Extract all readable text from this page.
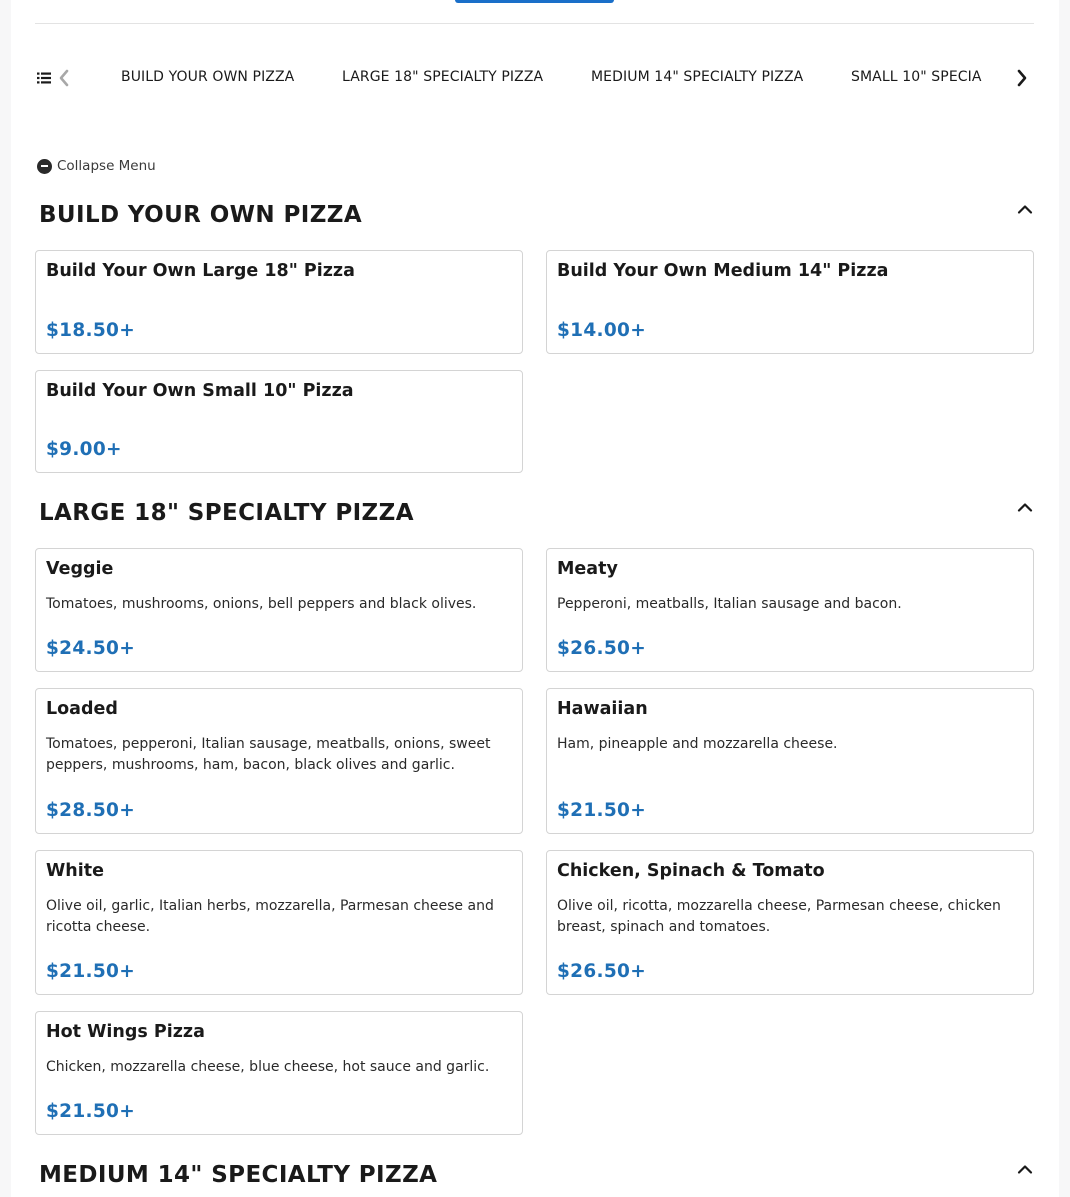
BUILD YOUR OWN PIZZA	LARGE 18" SPECIALTY PIZZA	MEDIUM 14" SPECIALTY PIZZA	SMALL 10" SPECIA
Collapse Menu
BUILD YOUR OWN PIZZA
Build Your Own Large 18" Pizza
$18.50+
Build Your Own Medium 14" Pizza
$14.00+
Build Your Own Small 10" Pizza
$9.00+
LARGE 18" SPECIALTY PIZZA
Veggie
Tomatoes, mushrooms, onions, bell peppers and black olives.
$24.50+
Meaty
Pepperoni, meatballs, Italian sausage and bacon.
$26.50+
Loaded
Tomatoes, pepperoni, Italian sausage, meatballs, onions, sweet peppers, mushrooms, ham, bacon, black olives and garlic.
$28.50+
Hawaiian
Ham, pineapple and mozzarella cheese.
$21.50+
White
Olive oil, garlic, Italian herbs, mozzarella, Parmesan cheese and ricotta cheese.
$21.50+
Chicken, Spinach & Tomato
Olive oil, ricotta, mozzarella cheese, Parmesan cheese, chicken breast, spinach and tomatoes.
$26.50+
Hot Wings Pizza
Chicken, mozzarella cheese, blue cheese, hot sauce and garlic.
$21.50+
MEDIUM 14" SPECIALTY PIZZA
